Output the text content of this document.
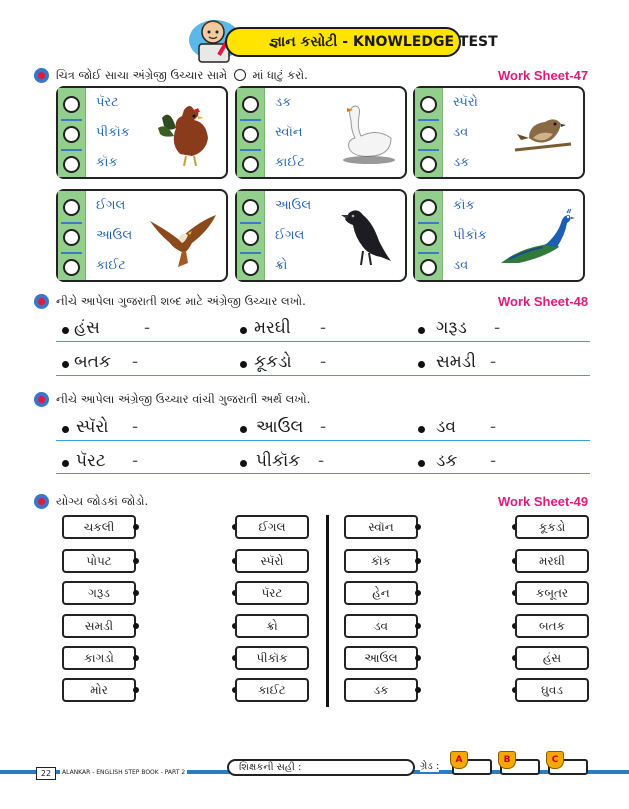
જ્ઞાન કસોટી - KNOWLEDGE TEST
ચિત્ર જોઈ સાચા અંગ્રેજી ઉચ્ચાર સામે માં ધાટું કરો.	Work Sheet-47
પૅરટ
પીકૉક
કૉક
ડક
સ્વૉન
કાઈટ
સ્પૅરો
ડવ
ડક
ઈગલ
આઉલ
કાઈટ
આઉલ
ઈગલ
ક્રો
કૉક
પીકૉક
ડવ
નીચે આપેલા ગુજરાતી શબ્દ માટે અંગ્રેજી ઉચ્ચાર લખો.	Work Sheet-48
હંસ	-	મરઘી -	ગરૂડ -
બતક -	કૂકડો -	સમડી -
નીચે આપેલા અંગ્રેજી ઉચ્ચાર વાંચી ગુજરાતી અર્થ લખો.
સ્પૅરો -	આઉલ -	ડવ -
પૅરટ -	પીકૉક -	ડક -
યોગ્ય જોડકાં જોડો.	Work Sheet-49
ચકલી
પોપટ
ગરૂડ
સમડી
કાગડો
મોર
ઈગલ
સ્પૅરો
પૅરટ
ક્રો
પીકૉક
કાઈટ
સ્વૉન
કૉક
હેન
ડવ
આઉલ
ડક
કૂકડો
મરઘી
કબૂતર
બતક
હંસ
ઘુવડ
22	ALANKAR - ENGLISH STEP BOOK - PART 2	શિક્ષકની સહી :	ગ્રેડ :
A	B	C
